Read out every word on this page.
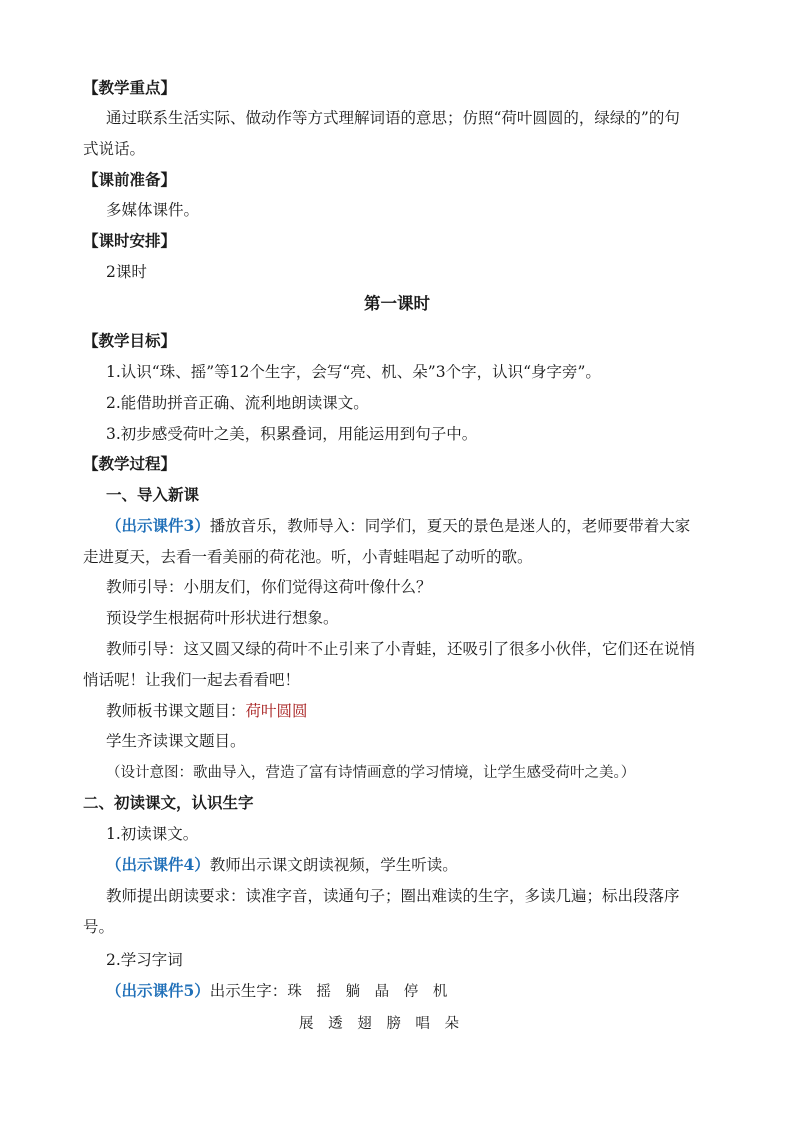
【教学重点】
通过联系生活实际、做动作等方式理解词语的意思；仿照“荷叶圆圆的，绿绿的”的句
式说话。
【课前准备】
多媒体课件。
【课时安排】
2课时
第一课时
【教学目标】
1.认识“珠、摇”等12个生字，会写“亮、机、朵”3个字，认识“身字旁”。
2.能借助拼音正确、流利地朗读课文。
3.初步感受荷叶之美，积累叠词，用能运用到句子中。
【教学过程】
一、导入新课
（出示课件3）播放音乐，教师导入：同学们，夏天的景色是迷人的，老师要带着大家
走进夏天，去看一看美丽的荷花池。听，小青蛙唱起了动听的歌。
教师引导：小朋友们，你们觉得这荷叶像什么？
预设学生根据荷叶形状进行想象。
教师引导：这又圆又绿的荷叶不止引来了小青蛙，还吸引了很多小伙伴，它们还在说悄
悄话呢！让我们一起去看看吧！
教师板书课文题目：荷叶圆圆
学生齐读课文题目。
（设计意图：歌曲导入，营造了富有诗情画意的学习情境，让学生感受荷叶之美。）
二、初读课文，认识生字
1.初读课文。
（出示课件4）教师出示课文朗读视频，学生听读。
教师提出朗读要求：读准字音，读通句子；圈出难读的生字，多读几遍；标出段落序
号。
2.学习字词
（出示课件5）出示生字：珠 摇 躺 晶 停 机
展 透 翅 膀 唱 朵
